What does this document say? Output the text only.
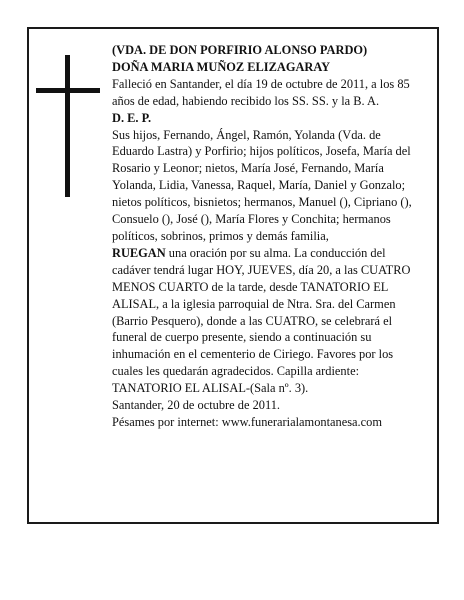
(VDA. DE DON PORFIRIO ALONSO PARDO)

DOÑA MARIA MUÑOZ ELIZAGARAY

Falleció en Santander, el día 19 de octubre de 2011, a los 85 años de edad, habiendo recibido los SS. SS. y la B. A.

D. E. P.

Sus hijos, Fernando, Ángel, Ramón, Yolanda (Vda. de Eduardo Lastra) y Porfirio; hijos políticos, Josefa, María del Rosario y Leonor; nietos, María José, Fernando, María Yolanda, Lidia, Vanessa, Raquel, María, Daniel y Gonzalo; nietos políticos, bisnietos; hermanos, Manuel (), Cipriano (), Consuelo (), José (), María Flores y Conchita; hermanos políticos, sobrinos, primos y demás familia,

RUEGAN una oración por su alma. La conducción del cadáver tendrá lugar HOY, JUEVES, día 20, a las CUATRO MENOS CUARTO de la tarde, desde TANATORIO EL ALISAL, a la iglesia parroquial de Ntra. Sra. del Carmen (Barrio Pesquero), donde a las CUATRO, se celebrará el funeral de cuerpo presente, siendo a continuación su inhumación en el cementerio de Ciriego. Favores por los cuales les quedarán agradecidos. Capilla ardiente: TANATORIO EL ALISAL-(Sala nº. 3).

Santander, 20 de octubre de 2011.

Pésames por internet: www.funerarialamontanesa.com
